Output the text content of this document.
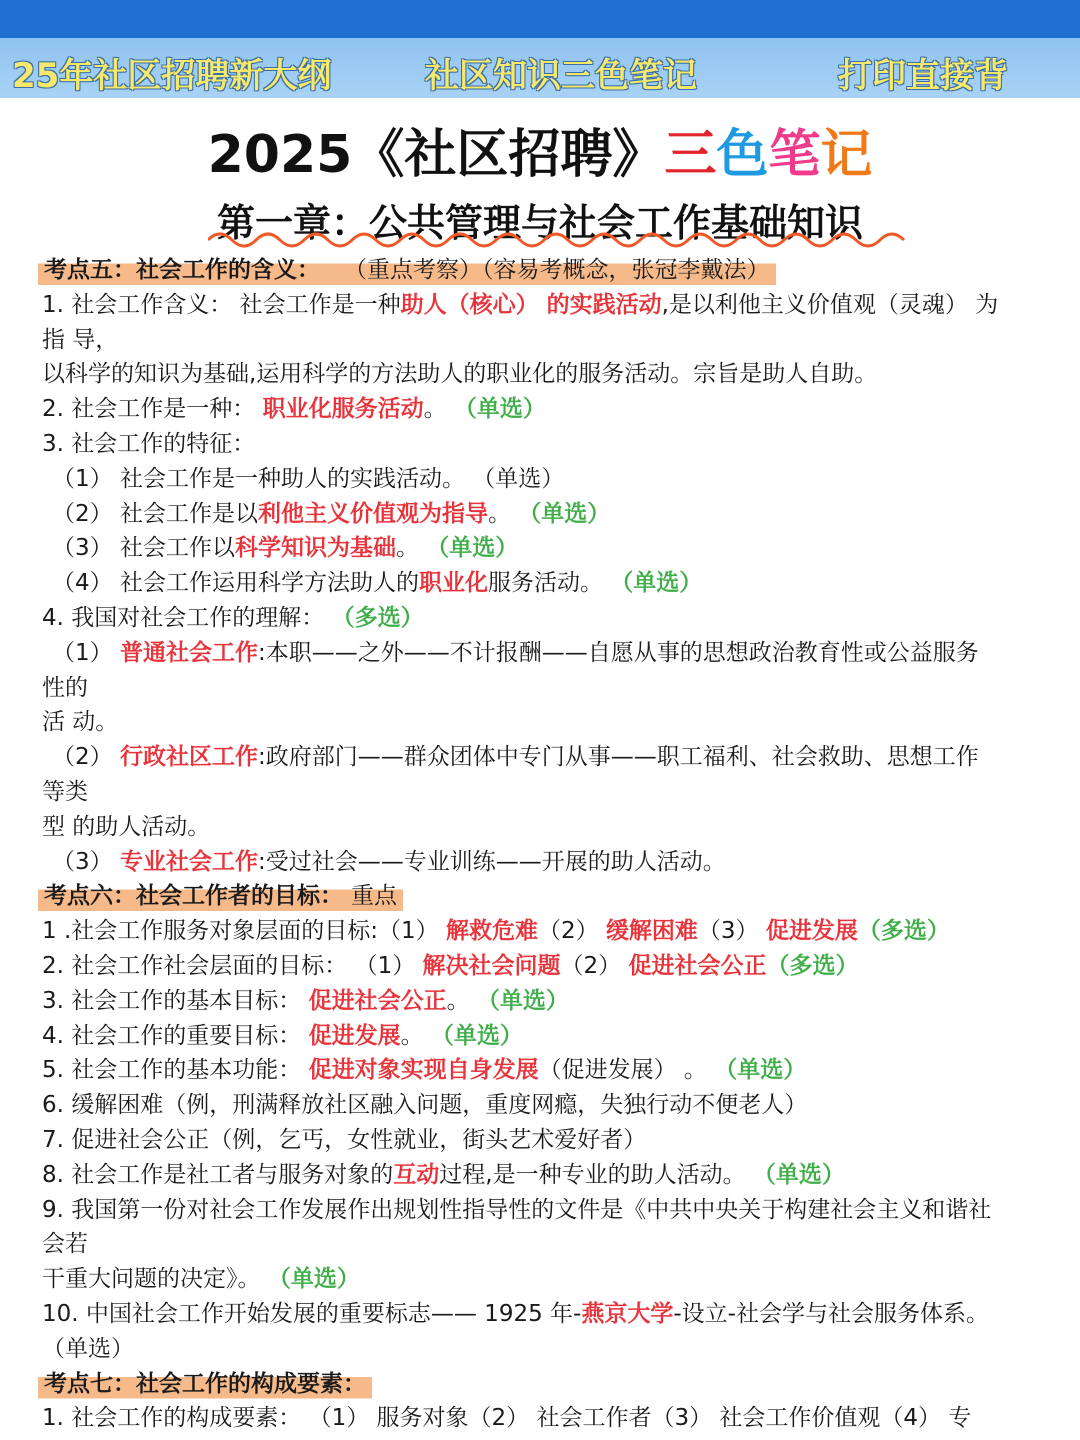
25年社区招聘新大纲	社区知识三色笔记	打印直接背
2025《社区招聘》三色笔记
第一章：公共管理与社会工作基础知识
考点五：社会工作的含义： （重点考察）（容易考概念，张冠李戴法）
1. 社会工作含义： 社会工作是一种助人（核心） 的实践活动,是以利他主义价值观（灵魂） 为
指 导，
以科学的知识为基础,运用科学的方法助人的职业化的服务活动。宗旨是助人自助。
2. 社会工作是一种： 职业化服务活动。 （单选）
3. 社会工作的特征：
（1） 社会工作是一种助人的实践活动。 （单选）
（2） 社会工作是以利他主义价值观为指导。 （单选）
（3） 社会工作以科学知识为基础。 （单选）
（4） 社会工作运用科学方法助人的职业化服务活动。 （单选）
4. 我国对社会工作的理解： （多选）
（1） 普通社会工作:本职——之外——不计报酬——自愿从事的思想政治教育性或公益服务
性的
活 动。
（2） 行政社区工作:政府部门——群众团体中专门从事——职工福利、社会救助、思想工作
等类
型 的助人活动。
（3） 专业社会工作:受过社会——专业训练——开展的助人活动。
考点六：社会工作者的目标： 重点
1 .社会工作服务对象层面的目标:（1） 解救危难（2） 缓解困难（3） 促进发展（多选）
2. 社会工作社会层面的目标： （1） 解决社会问题（2） 促进社会公正（多选）
3. 社会工作的基本目标： 促进社会公正。 （单选）
4. 社会工作的重要目标： 促进发展。 （单选）
5. 社会工作的基本功能： 促进对象实现自身发展（促进发展） 。 （单选）
6. 缓解困难（例，刑满释放社区融入问题，重度网瘾，失独行动不便老人）
7. 促进社会公正（例，乞丐，女性就业，街头艺术爱好者）
8. 社会工作是社工者与服务对象的互动过程,是一种专业的助人活动。 （单选）
9. 我国第一份对社会工作发展作出规划性指导性的文件是《中共中央关于构建社会主义和谐社
会若
干重大问题的决定》。 （单选）
10. 中国社会工作开始发展的重要标志—— 1925 年-燕京大学-设立-社会学与社会服务体系。
（单选）
考点七：社会工作的构成要素：
1. 社会工作的构成要素： （1） 服务对象（2） 社会工作者（3） 社会工作价值观（4） 专
